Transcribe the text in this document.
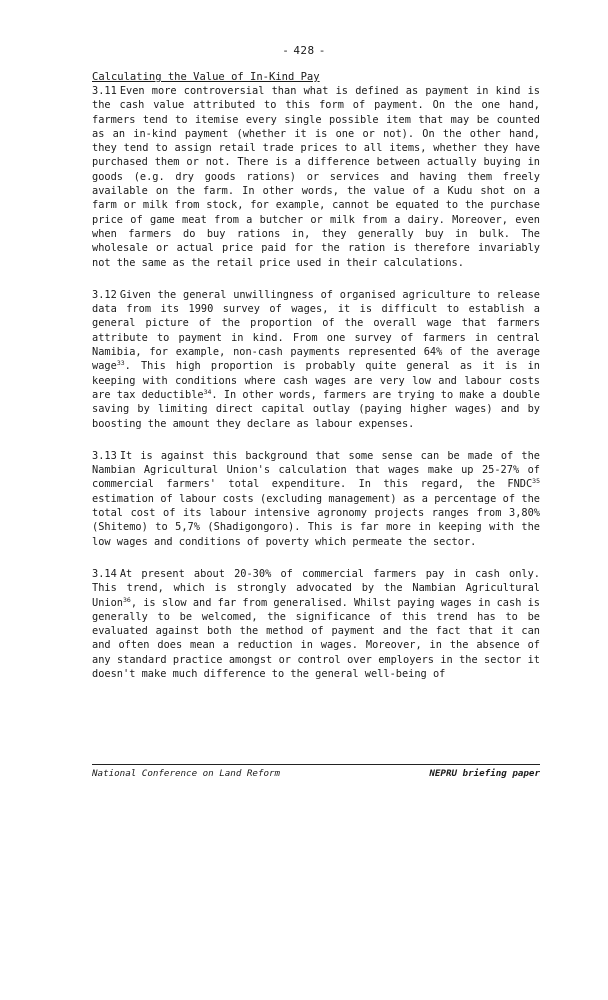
- 428 -
Calculating the Value of In-Kind Pay

3.11 Even more controversial than what is defined as payment in kind is the cash value attributed to this form of payment. On the one hand, farmers tend to itemise every single possible item that may be counted as an in-kind payment (whether it is one or not). On the other hand, they tend to assign retail trade prices to all items, whether they have purchased them or not. There is a difference between actually buying in goods (e.g. dry goods rations) or services and having them freely available on the farm. In other words, the value of a Kudu shot on a farm or milk from stock, for example, cannot be equated to the purchase price of game meat from a butcher or milk from a dairy. Moreover, even when farmers do buy rations in, they generally buy in bulk. The wholesale or actual price paid for the ration is therefore invariably not the same as the retail price used in their calculations.

3.12 Given the general unwillingness of organised agriculture to release data from its 1990 survey of wages, it is difficult to establish a general picture of the proportion of the overall wage that farmers attribute to payment in kind. From one survey of farmers in central Namibia, for example, non-cash payments represented 64% of the average wage$^{33}$. This high proportion is probably quite general as it is in keeping with conditions where cash wages are very low and labour costs are tax deductible$^{34}$. In other words, farmers are trying to make a double saving by limiting direct capital outlay (paying higher wages) and by boosting the amount they declare as labour expenses.

3.13 It is against this background that some sense can be made of the Nambian Agricultural Union's calculation that wages make up 25-27% of commercial farmers' total expenditure. In this regard, the FNDC$^{35}$ estimation of labour costs (excluding management) as a percentage of the total cost of its labour intensive agronomy projects ranges from 3,80% (Shitemo) to 5,7% (Shadigongoro). This is far more in keeping with the low wages and conditions of poverty which permeate the sector.

3.14 At present about 20-30% of commercial farmers pay in cash only. This trend, which is strongly advocated by the Nambian Agricultural Union$^{36}$, is slow and far from generalised. Whilst paying wages in cash is generally to be welcomed, the significance of this trend has to be evaluated against both the method of payment and the fact that it can and often does mean a reduction in wages. Moreover, in the absence of any standard practice amongst or control over employers in the sector it doesn't make much difference to the general well-being of

National Conference on Land Reform	NEPRU briefing paper
